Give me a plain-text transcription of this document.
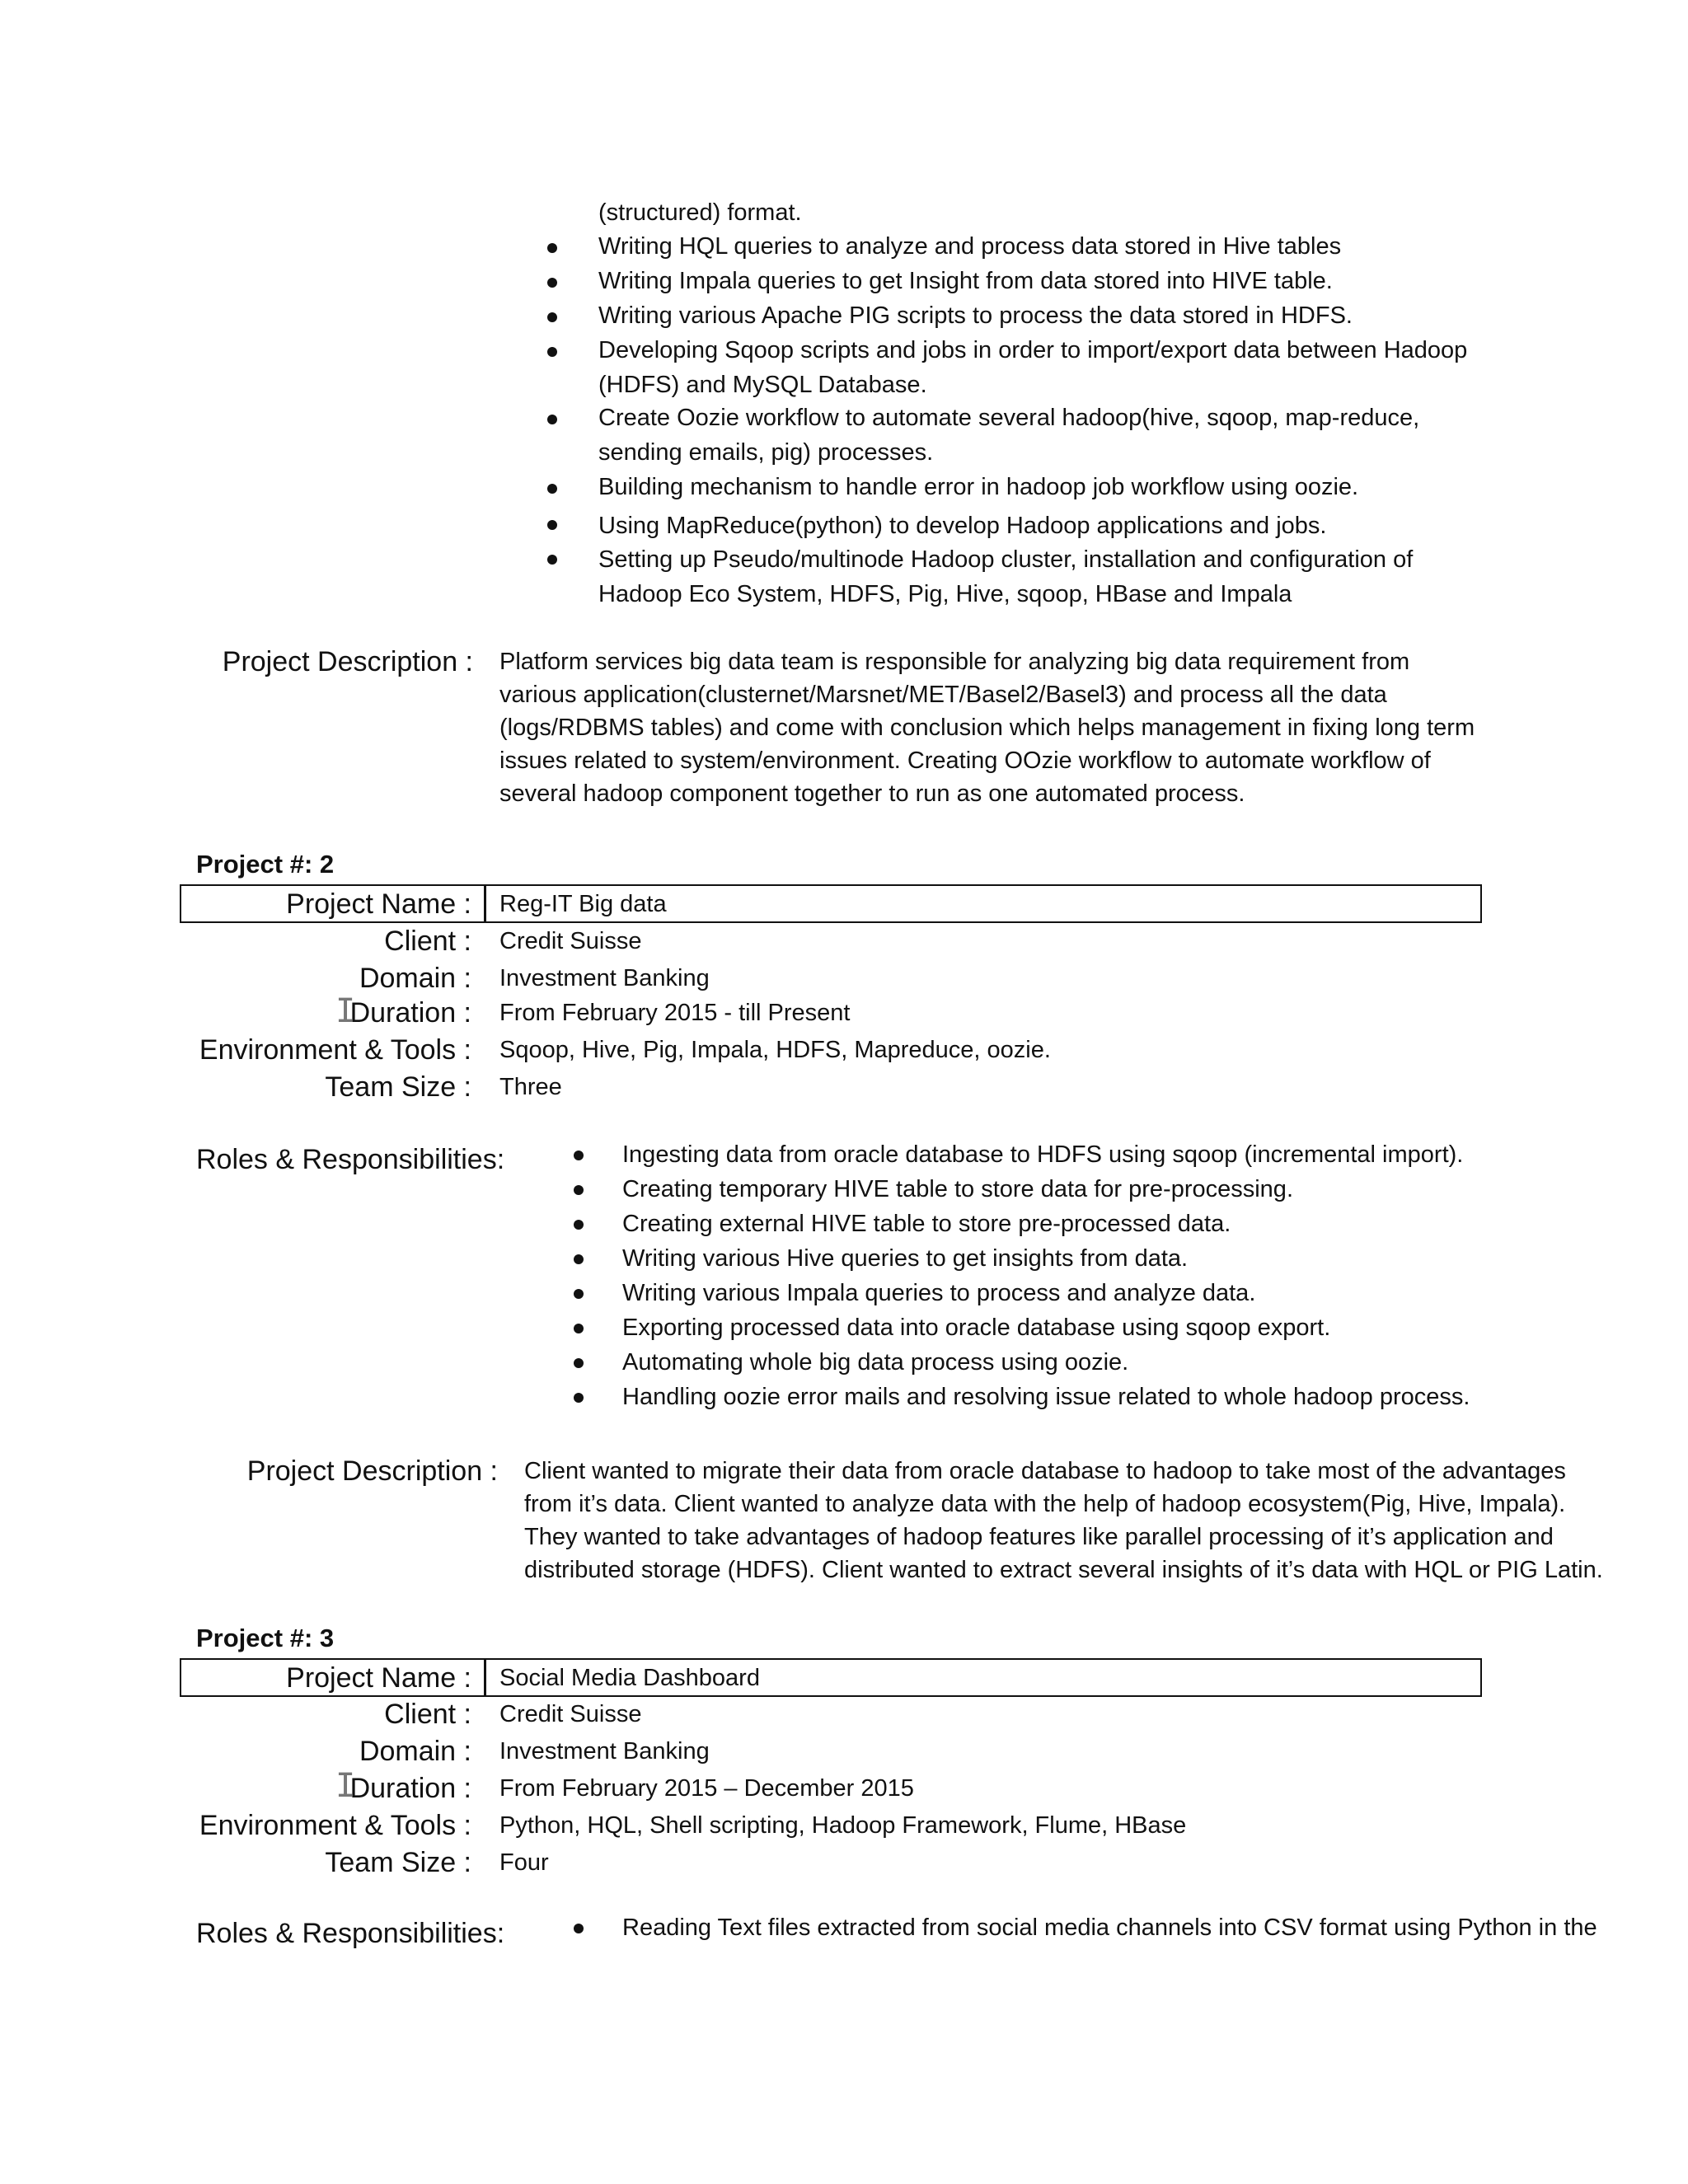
(structured) format.
Writing HQL queries to analyze and process data stored in Hive tables
Writing Impala queries to get Insight from data stored into HIVE table.
Writing various Apache PIG scripts to process the data stored in HDFS.
Developing Sqoop scripts and jobs in order to import/export data between Hadoop
(HDFS) and MySQL Database.
Create Oozie workflow to automate several hadoop(hive, sqoop, map-reduce,
sending emails, pig) processes.
Building mechanism to handle error in hadoop job workflow using oozie.
Using MapReduce(python) to develop Hadoop applications and jobs.
Setting up Pseudo/multinode Hadoop cluster, installation and configuration of
Hadoop Eco System, HDFS, Pig, Hive, sqoop, HBase and Impala
Project Description : Platform services big data team is responsible for analyzing big data requirement from
various application(clusternet/Marsnet/MET/Basel2/Basel3) and process all the data
(logs/RDBMS tables) and come with conclusion which helps management in fixing long term
issues related to system/environment. Creating OOzie workflow to automate workflow of
several hadoop component together to run as one automated process.
Project #: 2
Project Name : Reg-IT Big data
Client : Credit Suisse
Domain : Investment Banking
I
Duration : From February 2015 - till Present
Environment & Tools : Sqoop, Hive, Pig, Impala, HDFS, Mapreduce, oozie.
Team Size : Three
Roles & Responsibilities:	Ingesting data from oracle database to HDFS using sqoop (incremental import).
Creating temporary HIVE table to store data for pre-processing.
Creating external HIVE table to store pre-processed data.
Writing various Hive queries to get insights from data.
Writing various Impala queries to process and analyze data.
Exporting processed data into oracle database using sqoop export.
Automating whole big data process using oozie.
Handling oozie error mails and resolving issue related to whole hadoop process.
Project Description : Client wanted to migrate their data from oracle database to hadoop to take most of the advantages
from it’s data. Client wanted to analyze data with the help of hadoop ecosystem(Pig, Hive, Impala).
They wanted to take advantages of hadoop features like parallel processing of it’s application and
distributed storage (HDFS). Client wanted to extract several insights of it’s data with HQL or PIG Latin.
Project #: 3
Project Name : Social Media Dashboard
Client : Credit Suisse
Domain : Investment Banking
I
Duration : From February 2015 – December 2015
Environment & Tools : Python, HQL, Shell scripting, Hadoop Framework, Flume, HBase
Team Size : Four
Roles & Responsibilities:	Reading Text files extracted from social media channels into CSV format using Python in the
